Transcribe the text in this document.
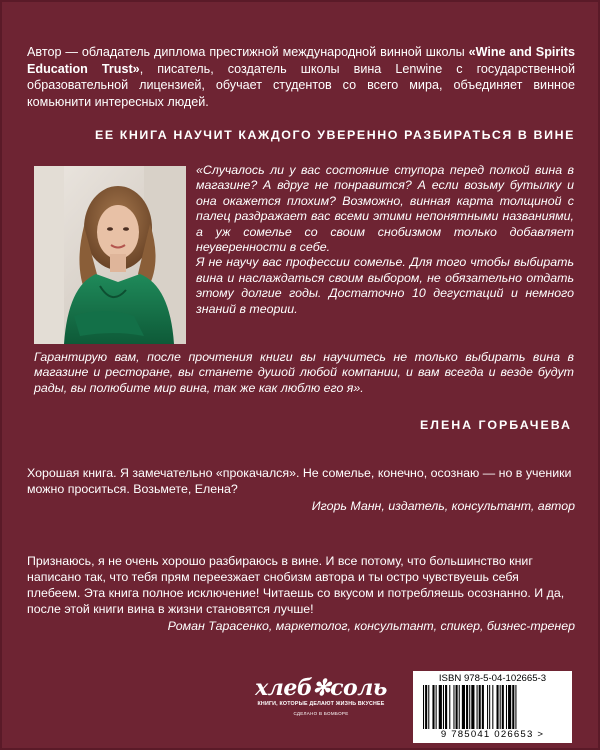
Автор — обладатель диплома престижной международной винной школы «Wine and Spirits Education Trust», писатель, создатель школы вина Lenwine с государственной образовательной лицензией, обучает студентов со всего мира, объединяет винное комьюнити интересных людей.
ЕЕ КНИГА НАУЧИТ КАЖДОГО УВЕРЕННО РАЗБИРАТЬСЯ В ВИНЕ

«Случалось ли у вас состояние ступора перед полкой вина в магазине? А вдруг не понравится? А если возьму бутылку и она окажется плохим? Возможно, винная карта толщиной с палец раздражает вас всеми этими непонятными названиями, а уж сомелье со своим снобизмом только добавляет неуверенности в себе.

Я не научу вас профессии сомелье. Для того чтобы выбирать вина и наслаждаться своим выбором, не обязательно отдать этому долгие годы. Достаточно 10 дегустаций и немного знаний в теории.

Гарантирую вам, после прочтения книги вы научитесь не только выбирать вина в магазине и ресторане, вы станете душой любой компании, и вам всегда и везде будут рады, вы полюбите мир вина, так же как люблю его я».

ЕЛЕНА ГОРБАЧЕВА

Хорошая книга. Я замечательно «прокачался». Не сомелье, конечно, осознаю — но в ученики можно проситься. Возьмете, Елена?

Игорь Манн, издатель, консультант, автор

Признаюсь, я не очень хорошо разбираюсь в вине. И все потому, что большинство книг написано так, что тебя прям переезжает снобизм автора и ты остро чувствуешь себя плебеем. Эта книга полное исключение! Читаешь со вкусом и потребляешь осознанно. И да, после этой книги вина в жизни становятся лучше!

Роман Тарасенко, маркетолог, консультант, спикер, бизнес-тренер

хлеб✻соль
КНИГИ, КОТОРЫЕ ДЕЛАЮТ ЖИЗНЬ ВКУСНЕЕ
СДЕЛАНО В БОМБОРЕ
ISBN 978-5-04-102665-3
9 785041 026653 >
